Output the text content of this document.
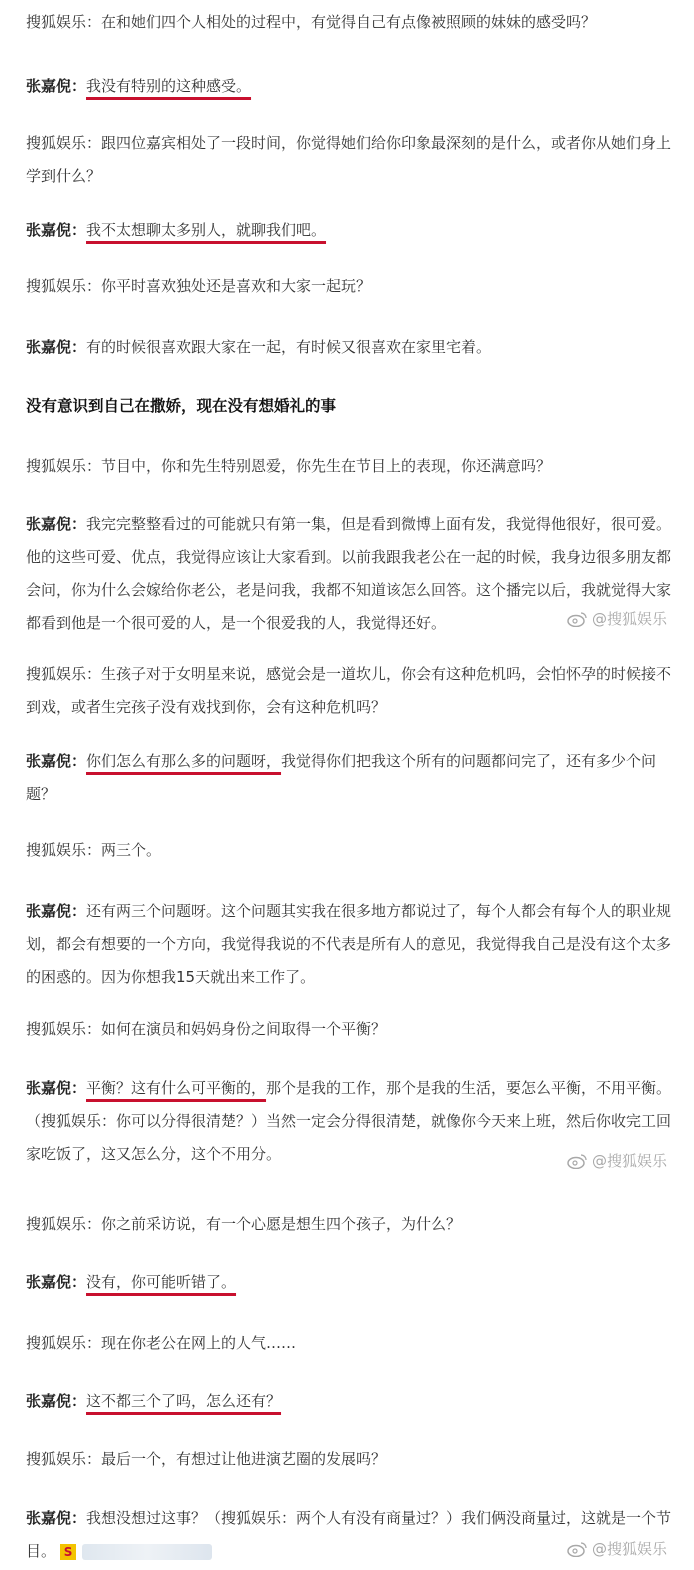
搜狐娱乐：在和她们四个人相处的过程中，有觉得自己有点像被照顾的妹妹的感受吗？

张嘉倪：我没有特别的这种感受。

搜狐娱乐：跟四位嘉宾相处了一段时间，你觉得她们给你印象最深刻的是什么，或者你从她们身上学到什么？

张嘉倪：我不太想聊太多别人，就聊我们吧。

搜狐娱乐：你平时喜欢独处还是喜欢和大家一起玩？

张嘉倪：有的时候很喜欢跟大家在一起，有时候又很喜欢在家里宅着。

没有意识到自己在撒娇，现在没有想婚礼的事

搜狐娱乐：节目中，你和先生特别恩爱，你先生在节目上的表现，你还满意吗？

张嘉倪：我完完整整看过的可能就只有第一集，但是看到微博上面有发，我觉得他很好，很可爱。他的这些可爱、优点，我觉得应该让大家看到。以前我跟我老公在一起的时候，我身边很多朋友都会问，你为什么会嫁给你老公，老是问我，我都不知道该怎么回答。这个播完以后，我就觉得大家都看到他是一个很可爱的人，是一个很爱我的人，我觉得还好。	@搜狐娱乐

搜狐娱乐：生孩子对于女明星来说，感觉会是一道坎儿，你会有这种危机吗，会怕怀孕的时候接不到戏，或者生完孩子没有戏找到你，会有这种危机吗？

张嘉倪：你们怎么有那么多的问题呀，我觉得你们把我这个所有的问题都问完了，还有多少个问题？

搜狐娱乐：两三个。

张嘉倪：还有两三个问题呀。这个问题其实我在很多地方都说过了，每个人都会有每个人的职业规划，都会有想要的一个方向，我觉得我说的不代表是所有人的意见，我觉得我自己是没有这个太多的困惑的。因为你想我15天就出来工作了。

搜狐娱乐：如何在演员和妈妈身份之间取得一个平衡？

张嘉倪：平衡？这有什么可平衡的，那个是我的工作，那个是我的生活，要怎么平衡，不用平衡。（搜狐娱乐：你可以分得很清楚？）当然一定会分得很清楚，就像你今天来上班，然后你收完工回家吃饭了，这又怎么分，这个不用分。	@搜狐娱乐

搜狐娱乐：你之前采访说，有一个心愿是想生四个孩子，为什么？

张嘉倪：没有，你可能听错了。

搜狐娱乐：现在你老公在网上的人气……

张嘉倪：这不都三个了吗，怎么还有？

搜狐娱乐：最后一个，有想过让他进演艺圈的发展吗？

张嘉倪：我想没想过这事？（搜狐娱乐：两个人有没有商量过？）我们俩没商量过，这就是一个节目。 S	@搜狐娱乐
